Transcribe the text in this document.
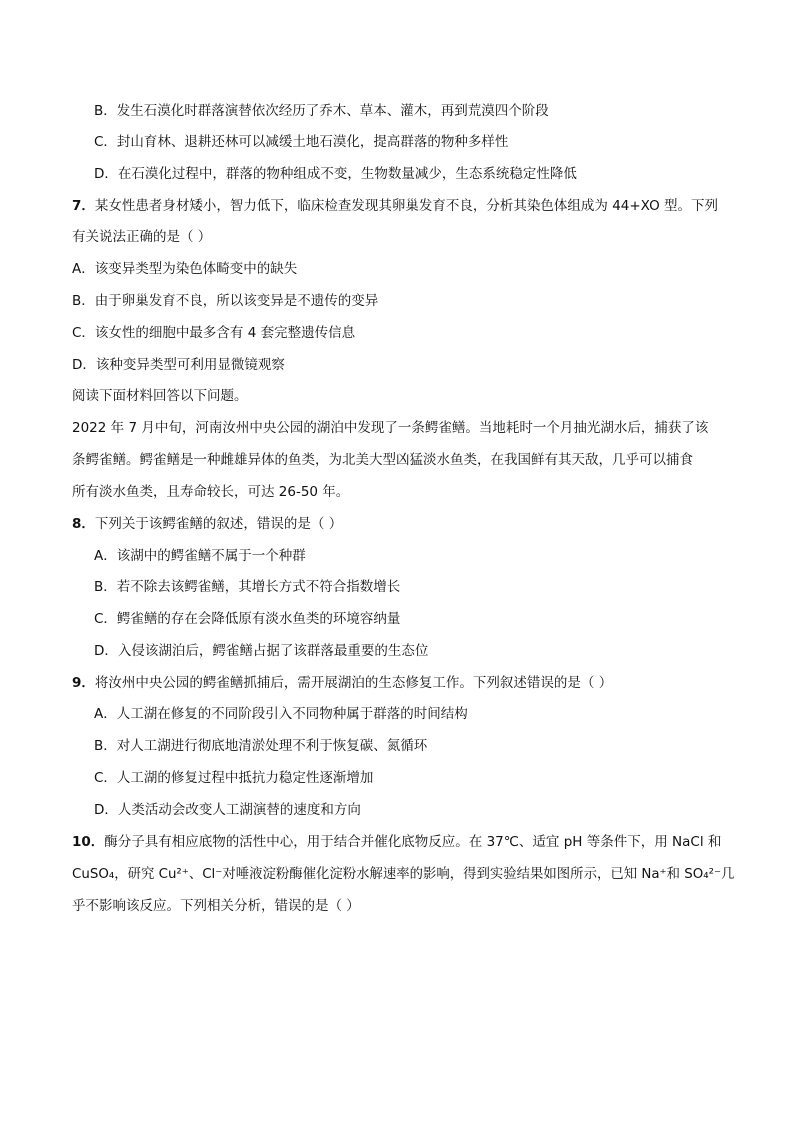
B．发生石漠化时群落演替依次经历了乔木、草本、灌木，再到荒漠四个阶段
C．封山育林、退耕还林可以减缓土地石漠化，提高群落的物种多样性
D．在石漠化过程中，群落的物种组成不变，生物数量减少，生态系统稳定性降低
7．某女性患者身材矮小，智力低下，临床检查发现其卵巢发育不良，分析其染色体组成为 44+XO 型。下列
有关说法正确的是（ ）
A．该变异类型为染色体畸变中的缺失
B．由于卵巢发育不良，所以该变异是不遗传的变异
C．该女性的细胞中最多含有 4 套完整遗传信息
D．该种变异类型可利用显微镜观察
阅读下面材料回答以下问题。
2022 年 7 月中旬，河南汝州中央公园的湖泊中发现了一条鳄雀鳝。当地耗时一个月抽光湖水后，捕获了该
条鳄雀鳝。鳄雀鳝是一种雌雄异体的鱼类，为北美大型凶猛淡水鱼类，在我国鲜有其天敌，几乎可以捕食
所有淡水鱼类，且寿命较长，可达 26-50 年。
8．下列关于该鳄雀鳝的叙述，错误的是（ ）
A．该湖中的鳄雀鳝不属于一个种群
B．若不除去该鳄雀鳝，其增长方式不符合指数增长
C．鳄雀鳝的存在会降低原有淡水鱼类的环境容纳量
D．入侵该湖泊后，鳄雀鳝占据了该群落最重要的生态位
9．将汝州中央公园的鳄雀鳝抓捕后，需开展湖泊的生态修复工作。下列叙述错误的是（ ）
A．人工湖在修复的不同阶段引入不同物种属于群落的时间结构
B．对人工湖进行彻底地清淤处理不利于恢复碳、氮循环
C．人工湖的修复过程中抵抗力稳定性逐渐增加
D．人类活动会改变人工湖演替的速度和方向
10．酶分子具有相应底物的活性中心，用于结合并催化底物反应。在 37℃、适宜 pH 等条件下，用 NaCl 和
CuSO₄，研究 Cu²⁺、Cl⁻对唾液淀粉酶催化淀粉水解速率的影响，得到实验结果如图所示，已知 Na⁺和 SO₄²⁻几
乎不影响该反应。下列相关分析，错误的是（ ）
